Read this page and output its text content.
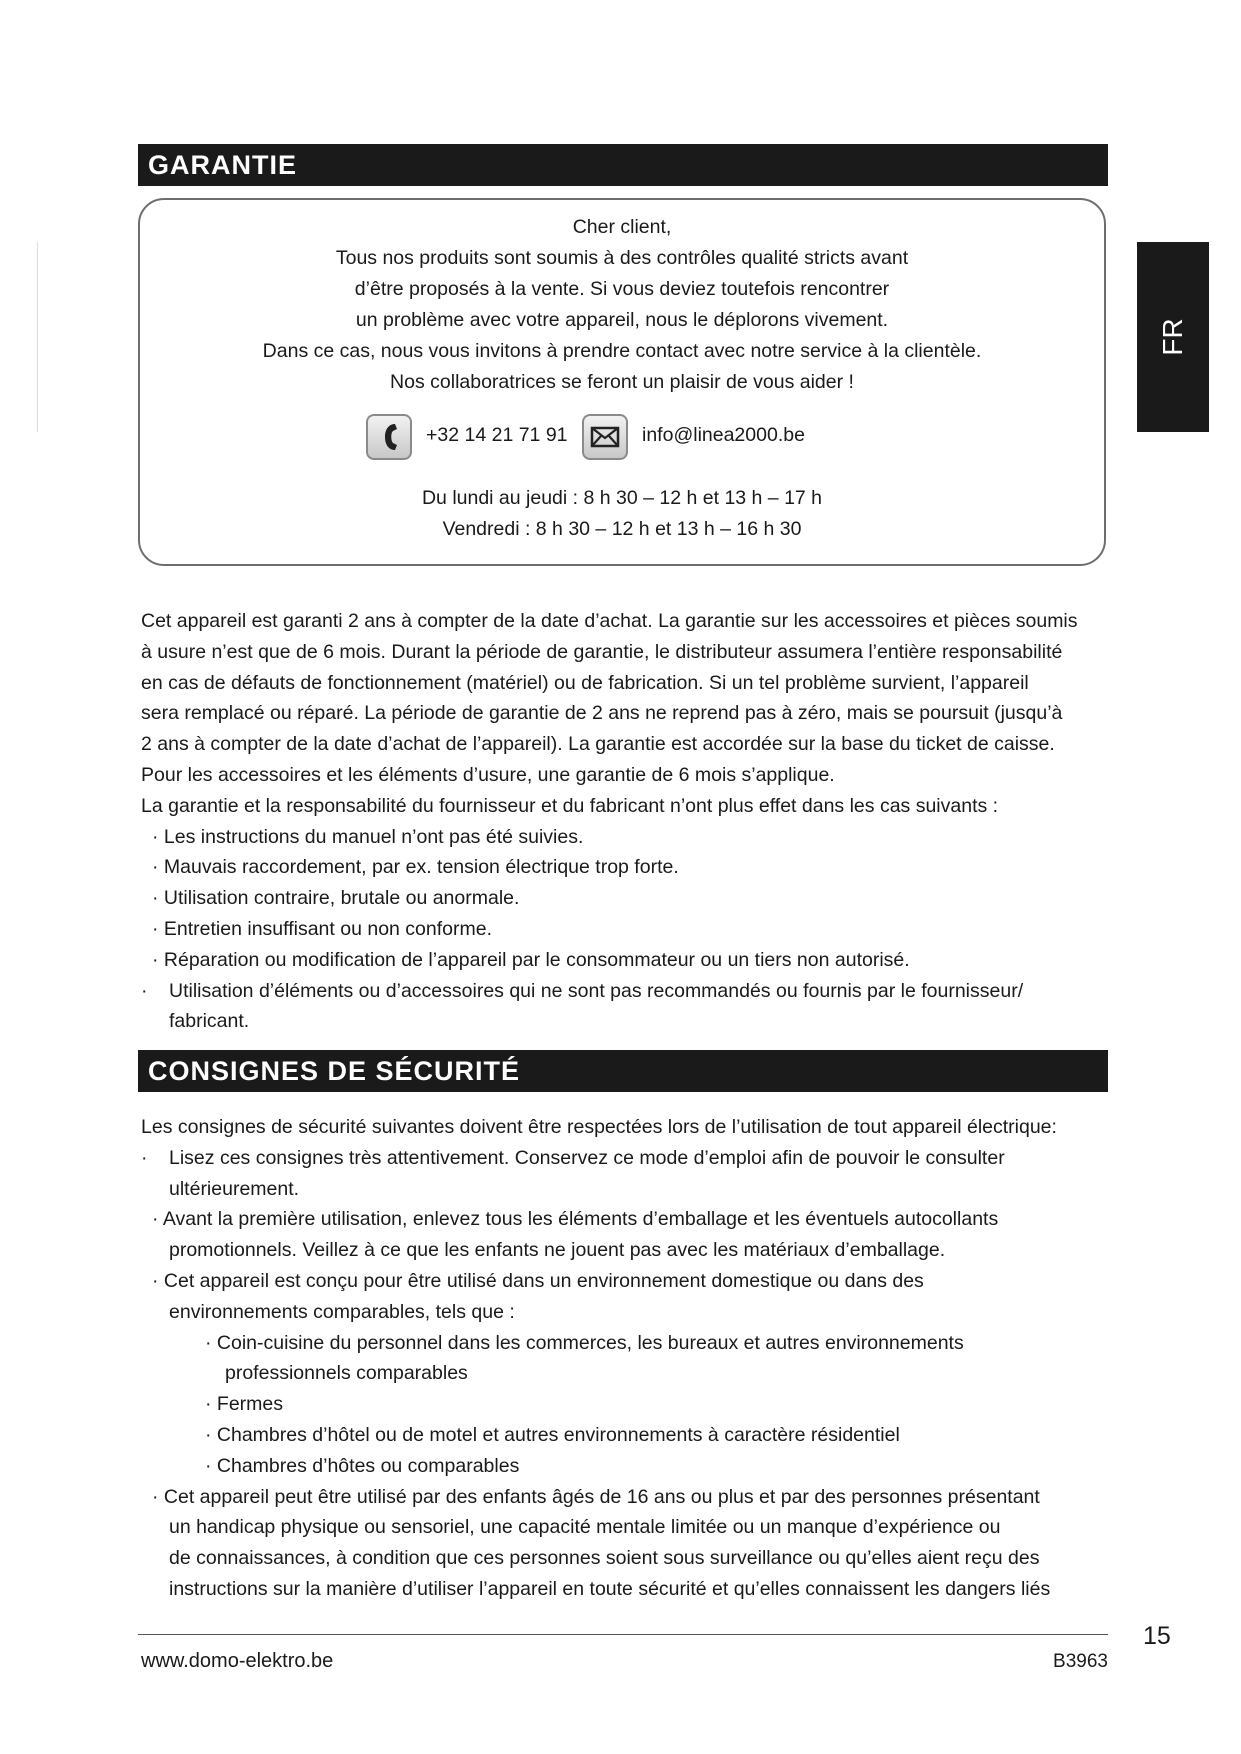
GARANTIE
FR
Cher client,
Tous nos produits sont soumis à des contrôles qualité stricts avant
d’être proposés à la vente. Si vous deviez toutefois rencontrer
un problème avec votre appareil, nous le déplorons vivement.
Dans ce cas, nous vous invitons à prendre contact avec notre service à la clientèle.
Nos collaboratrices se feront un plaisir de vous aider !
+32 14 21 71 91	info@linea2000.be
Du lundi au jeudi : 8 h 30 – 12 h et 13 h – 17 h
Vendredi : 8 h 30 – 12 h et 13 h – 16 h 30

Cet appareil est garanti 2 ans à compter de la date d’achat. La garantie sur les accessoires et pièces soumis

à usure n’est que de 6 mois. Durant la période de garantie, le distributeur assumera l’entière responsabilité

en cas de défauts de fonctionnement (matériel) ou de fabrication. Si un tel problème survient, l’appareil

sera remplacé ou réparé. La période de garantie de 2 ans ne reprend pas à zéro, mais se poursuit (jusqu’à

2 ans à compter de la date d’achat de l’appareil). La garantie est accordée sur la base du ticket de caisse.

Pour les accessoires et les éléments d’usure, une garantie de 6 mois s’applique.

La garantie et la responsabilité du fournisseur et du fabricant n’ont plus effet dans les cas suivants :

· Les instructions du manuel n’ont pas été suivies.
· Mauvais raccordement, par ex. tension électrique trop forte.
· Utilisation contraire, brutale ou anormale.
· Entretien insuffisant ou non conforme.
· Réparation ou modification de l’appareil par le consommateur ou un tiers non autorisé.
· Utilisation d’éléments ou d’accessoires qui ne sont pas recommandés ou fournis par le fournisseur/
fabricant.
CONSIGNES DE SÉCURITÉ

Les consignes de sécurité suivantes doivent être respectées lors de l’utilisation de tout appareil électrique:

· Lisez ces consignes très attentivement. Conservez ce mode d’emploi afin de pouvoir le consulter
ultérieurement.
· Avant la première utilisation, enlevez tous les éléments d’emballage et les éventuels autocollants
promotionnels. Veillez à ce que les enfants ne jouent pas avec les matériaux d’emballage.
· Cet appareil est conçu pour être utilisé dans un environnement domestique ou dans des
environnements comparables, tels que :
· Coin-cuisine du personnel dans les commerces, les bureaux et autres environnements
professionnels comparables
· Fermes
· Chambres d’hôtel ou de motel et autres environnements à caractère résidentiel
· Chambres d’hôtes ou comparables
· Cet appareil peut être utilisé par des enfants âgés de 16 ans ou plus et par des personnes présentant
un handicap physique ou sensoriel, une capacité mentale limitée ou un manque d’expérience ou
de connaissances, à condition que ces personnes soient sous surveillance ou qu’elles aient reçu des
instructions sur la manière d’utiliser l’appareil en toute sécurité et qu’elles connaissent les dangers liés
15
www.domo-elektro.be	B3963
